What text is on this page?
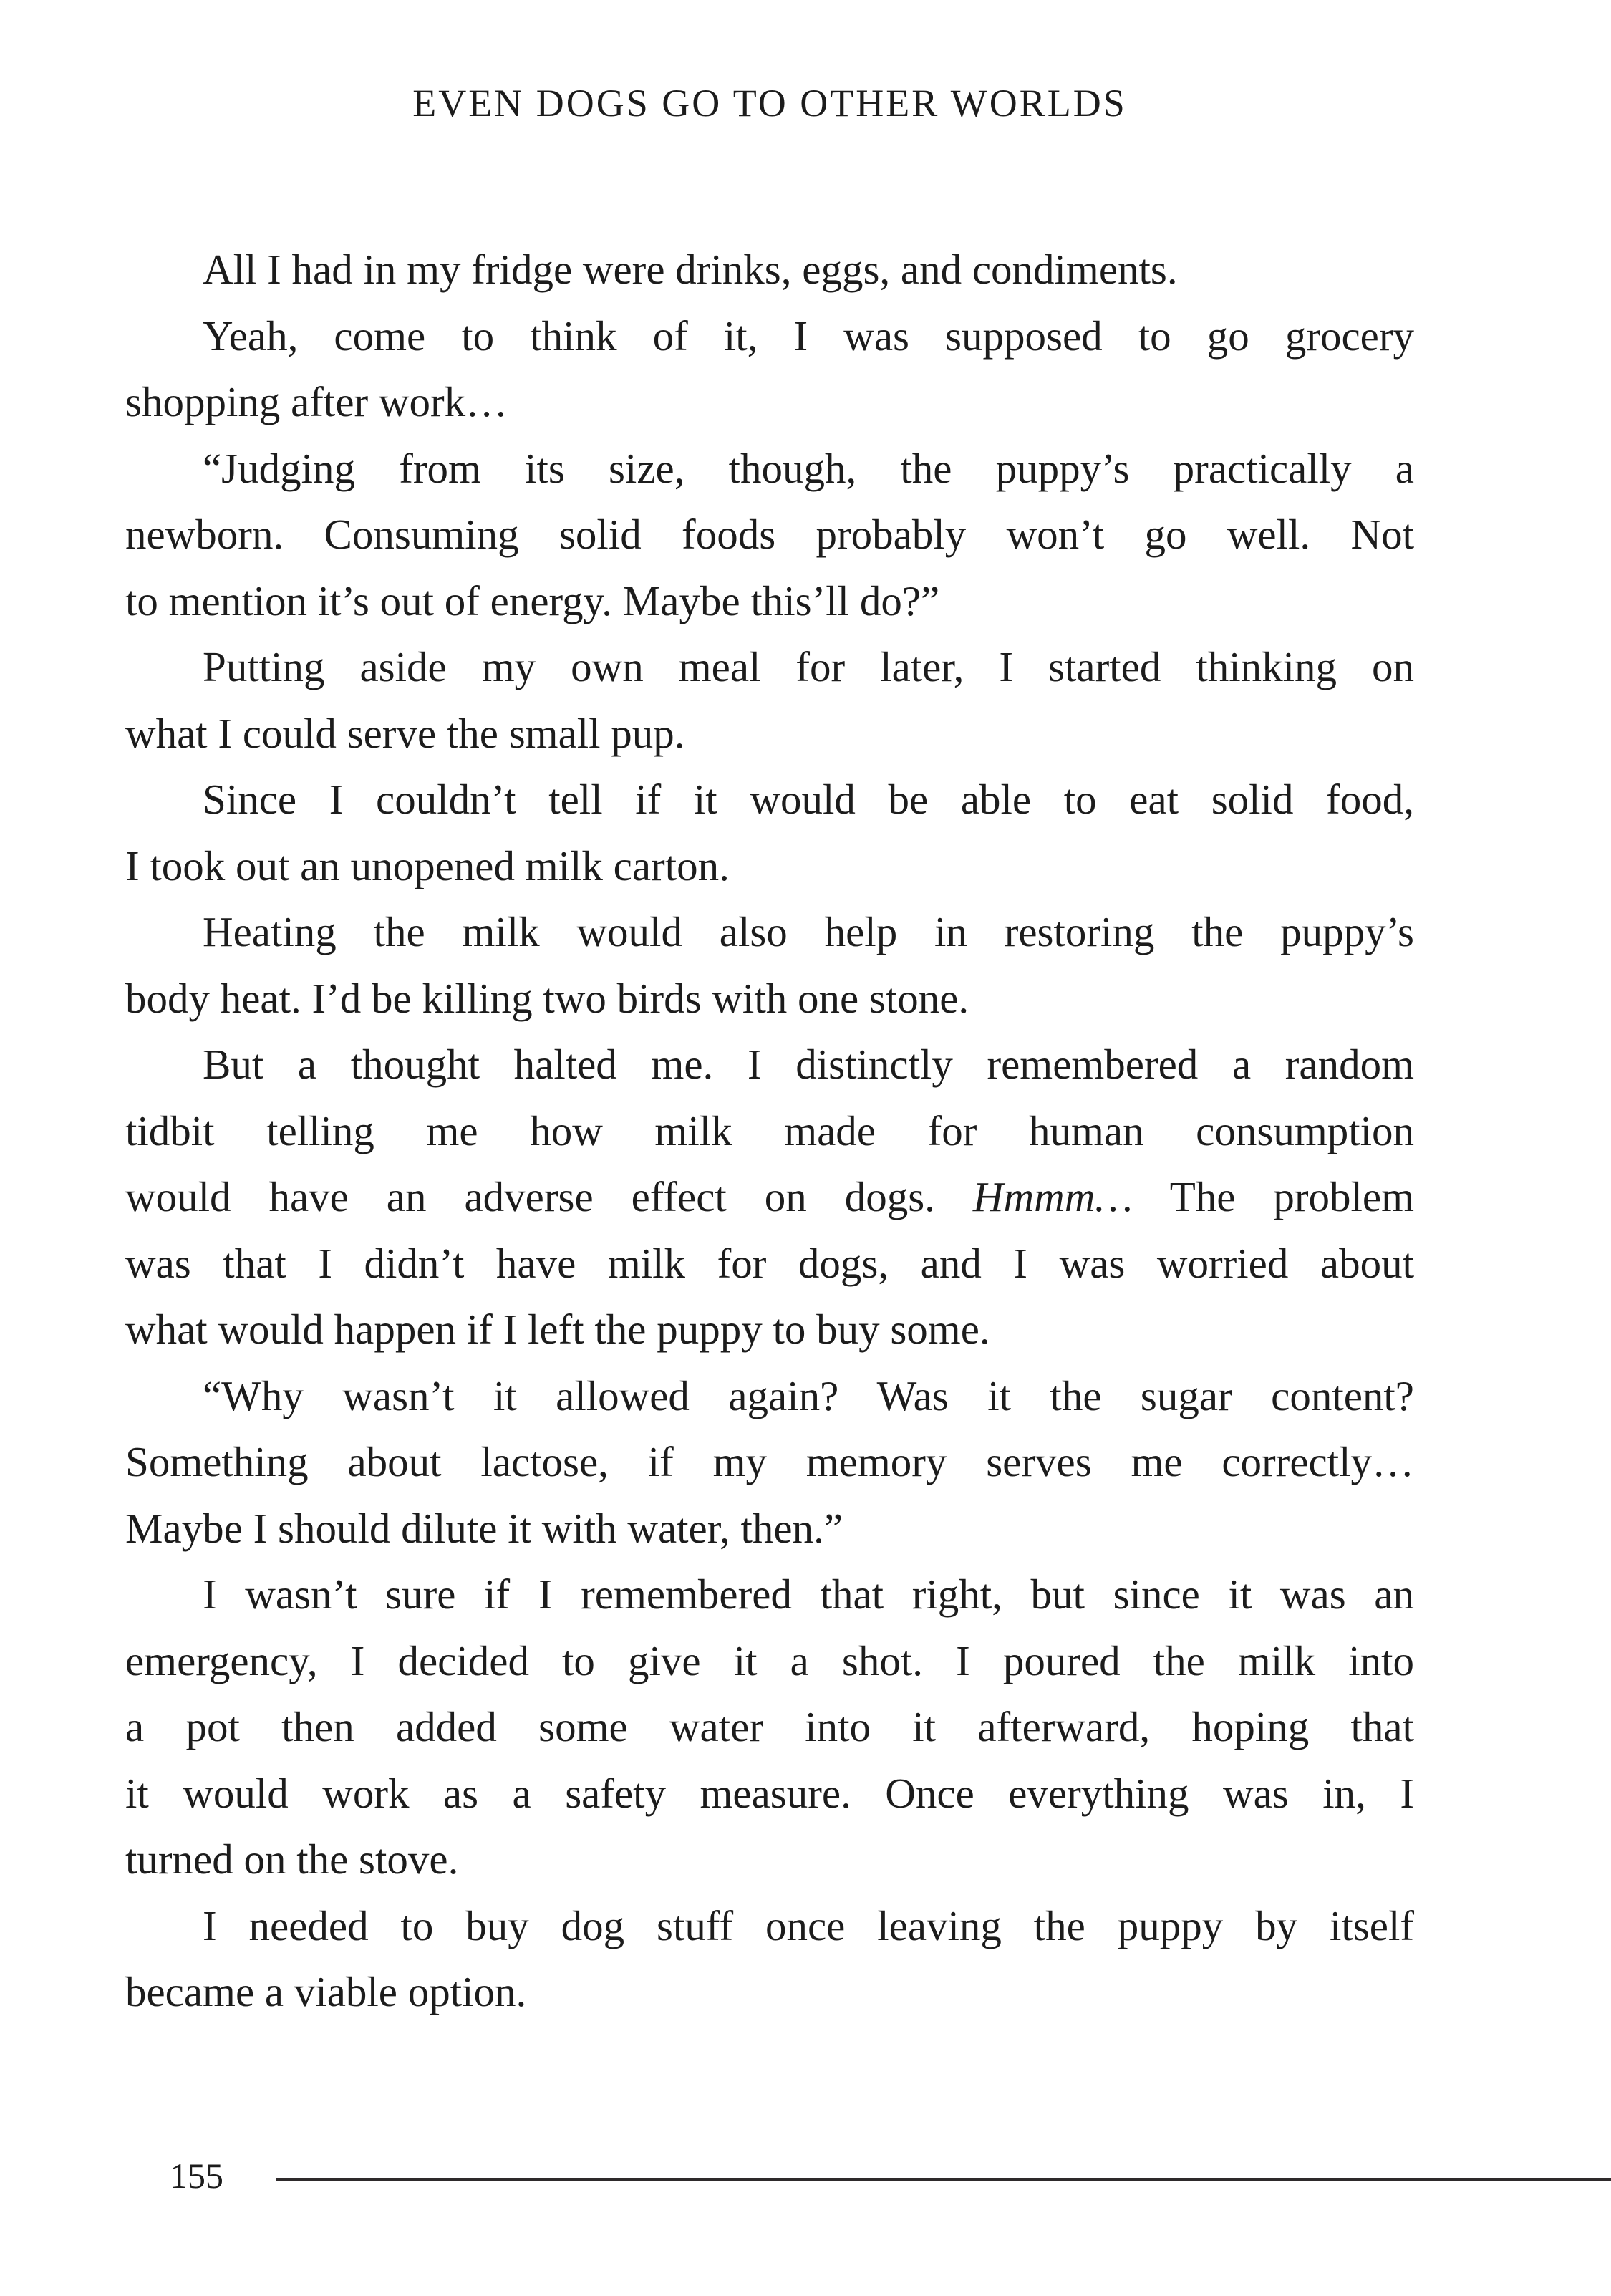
EVEN DOGS GO TO OTHER WORLDS
All I had in my fridge were drinks, eggs, and condiments.
Yeah, come to think of it, I was supposed to go grocery
shopping after work…
“Judging from its size, though, the puppy’s practically a
newborn. Consuming solid foods probably won’t go well. Not
to mention it’s out of energy. Maybe this’ll do?”
Putting aside my own meal for later, I started thinking on
what I could serve the small pup.
Since I couldn’t tell if it would be able to eat solid food,
I took out an unopened milk carton.
Heating the milk would also help in restoring the puppy’s
body heat. I’d be killing two birds with one stone.
But a thought halted me. I distinctly remembered a random
tidbit telling me how milk made for human consumption
would have an adverse effect on dogs. Hmmm… The problem
was that I didn’t have milk for dogs, and I was worried about
what would happen if I left the puppy to buy some.
“Why wasn’t it allowed again? Was it the sugar content?
Something about lactose, if my memory serves me correctly…
Maybe I should dilute it with water, then.”
I wasn’t sure if I remembered that right, but since it was an
emergency, I decided to give it a shot. I poured the milk into
a pot then added some water into it afterward, hoping that
it would work as a safety measure. Once everything was in, I
turned on the stove.
I needed to buy dog stuff once leaving the puppy by itself
became a viable option.
155
